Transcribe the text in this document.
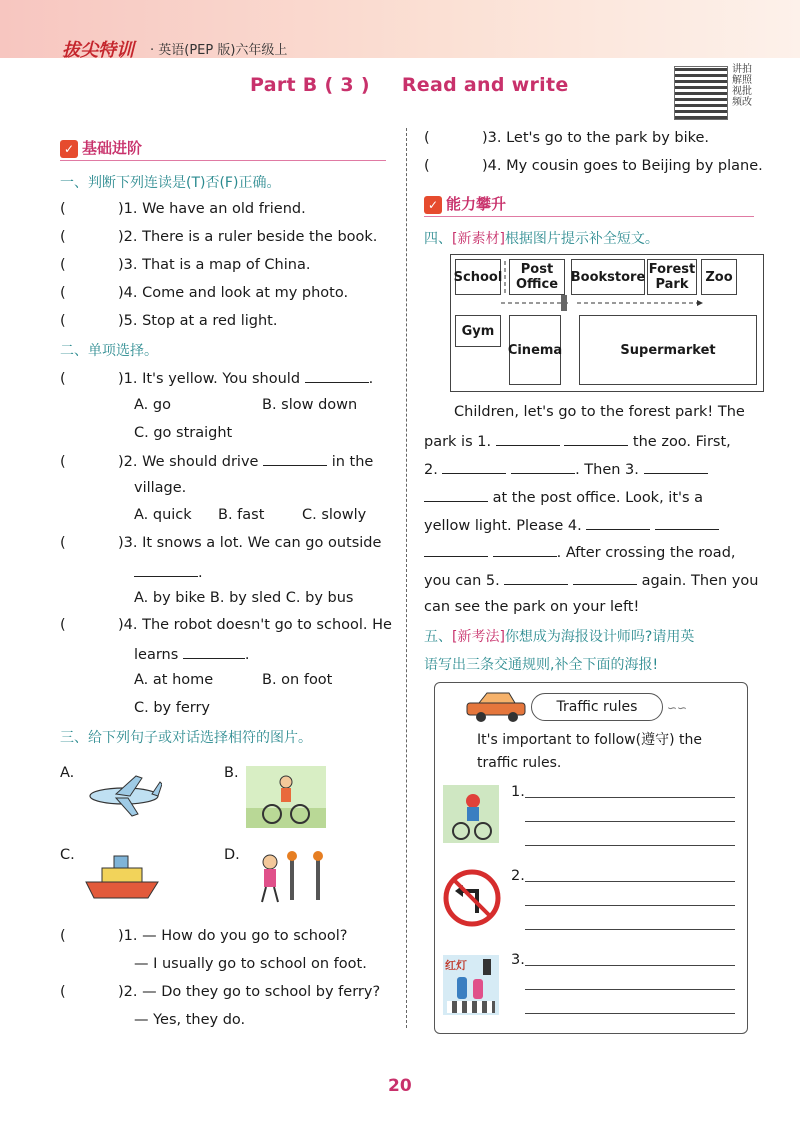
拔尖特训 · 英语(PEP 版)六年级上
Part B ( 3 ) Read and write
讲拍解照视批频改
✓ 基础进阶
一、判断下列连读是(T)否(F)正确。
(	)1. We have an old friend.
(	)2. There is a ruler beside the book.
(	)3. That is a map of China.
(	)4. Come and look at my photo.
(	)5. Stop at a red light.
二、单项选择。
(	)1. It's yellow. You should	.
A. go	B. slow down
C. go straight
(	)2. We should drive	in the
village.
A. quick B. fast	C. slowly
(	)3. It snows a lot. We can go outside
.
A. by bike B. by sled C. by bus
(	)4. The robot doesn't go to school. He
learns	.
A. at home	B. on foot
C. by ferry
三、给下列句子或对话选择相符的图片。
A.	B.
C.	D.
(	)1. — How do you go to school?
— I usually go to school on foot.
(	)2. — Do they go to school by ferry?
— Yes, they do.
(	)3. Let's go to the park by bike.
(	)4. My cousin goes to Beijing by plane.
✓ 能力攀升
四、[新素材]根据图片提示补全短文。
School	Post Office Bookstore Forest Park	Zoo
Gym
Cinema	Supermarket
Children, let's go to the forest park! The
park is 1.	the zoo. First,
2.	. Then 3.
at the post office. Look, it's a
yellow light. Please 4.
. After crossing the road,
you can 5.	again. Then you
can see the park on your left!
五、[新考法]你想成为海报设计师吗?请用英
语写出三条交通规则,补全下面的海报!
Traffic rules	∽∽
It's important to follow(遵守) the
traffic rules.
1.
2.
红灯	3.
20
